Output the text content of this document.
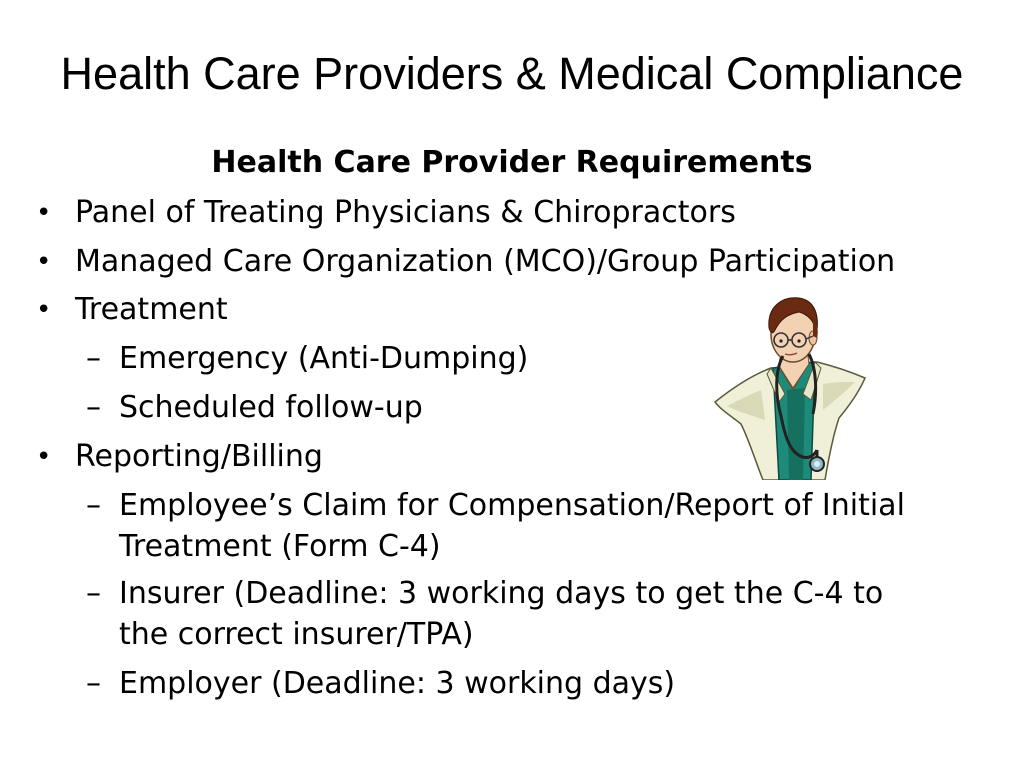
Health Care Providers & Medical Compliance
Health Care Provider Requirements
• Panel of Treating Physicians & Chiropractors
• Managed Care Organization (MCO)/Group Participation
• Treatment
– Emergency (Anti-Dumping)
– Scheduled follow-up
• Reporting/Billing
– Employee’s Claim for Compensation/Report of Initial
Treatment (Form C-4)
– Insurer (Deadline: 3 working days to get the C-4 to
the correct insurer/TPA)
– Employer (Deadline: 3 working days)
